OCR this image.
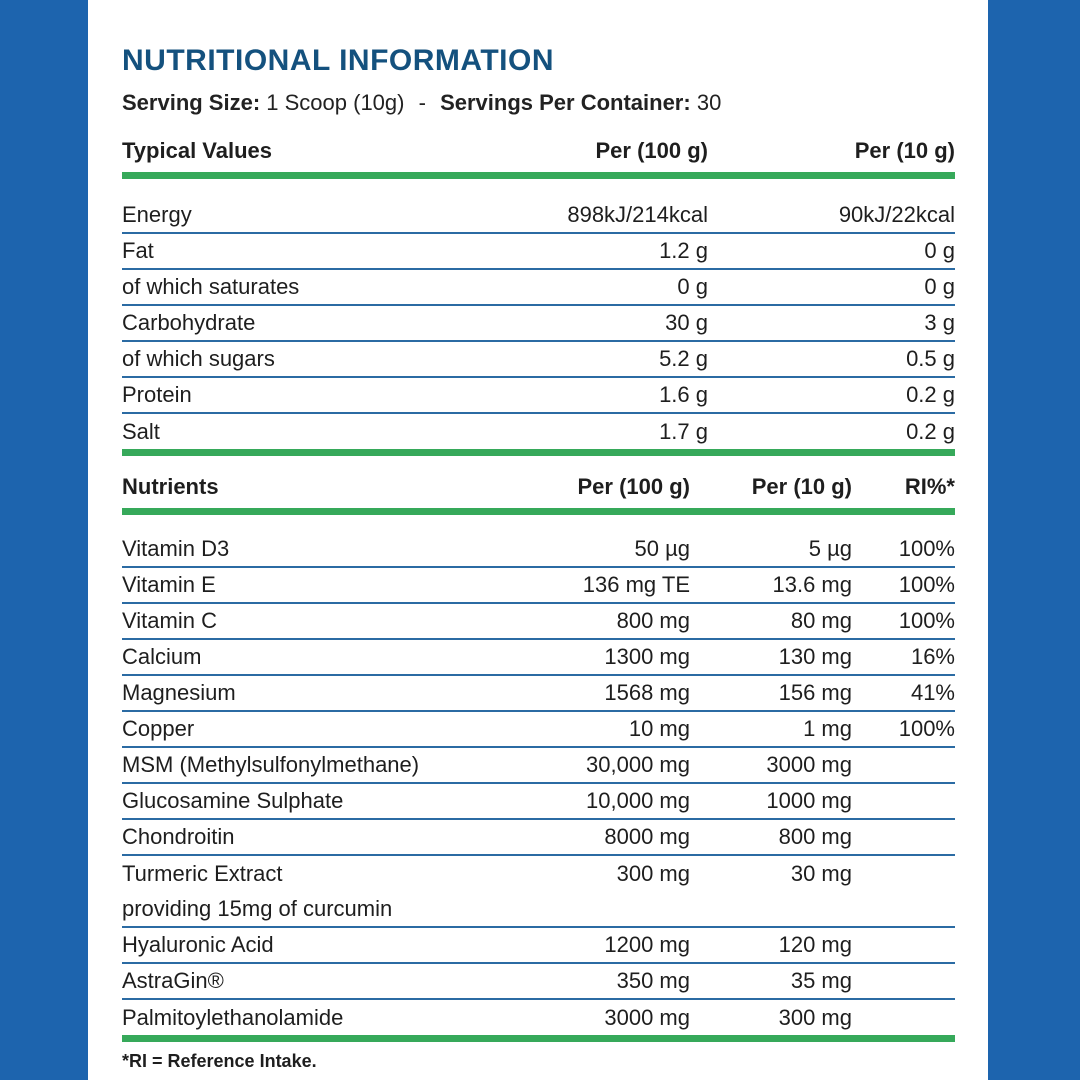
NUTRITIONAL INFORMATION
Serving Size: 1 Scoop (10g) - Servings Per Container: 30
Typical Values	Per (100 g)	Per (10 g)
Energy	898kJ/214kcal	90kJ/22kcal
Fat	1.2 g	0 g
of which saturates	0 g	0 g
Carbohydrate	30 g	3 g
of which sugars	5.2 g	0.5 g
Protein	1.6 g	0.2 g
Salt	1.7 g	0.2 g
Nutrients	Per (100 g)	Per (10 g)	RI%*
Vitamin D3	50 µg	5 µg	100%
Vitamin E	136 mg TE	13.6 mg	100%
Vitamin C	800 mg	80 mg	100%
Calcium	1300 mg	130 mg	16%
Magnesium	1568 mg	156 mg	41%
Copper	10 mg	1 mg	100%
MSM (Methylsulfonylmethane)	30,000 mg	3000 mg	
Glucosamine Sulphate	10,000 mg	1000 mg	
Chondroitin	8000 mg	800 mg	
Turmeric Extract	300 mg	30 mg	
providing 15mg of curcumin			
Hyaluronic Acid	1200 mg	120 mg	
AstraGin®	350 mg	35 mg	
Palmitoylethanolamide	3000 mg	300 mg	
*RI = Reference Intake.
